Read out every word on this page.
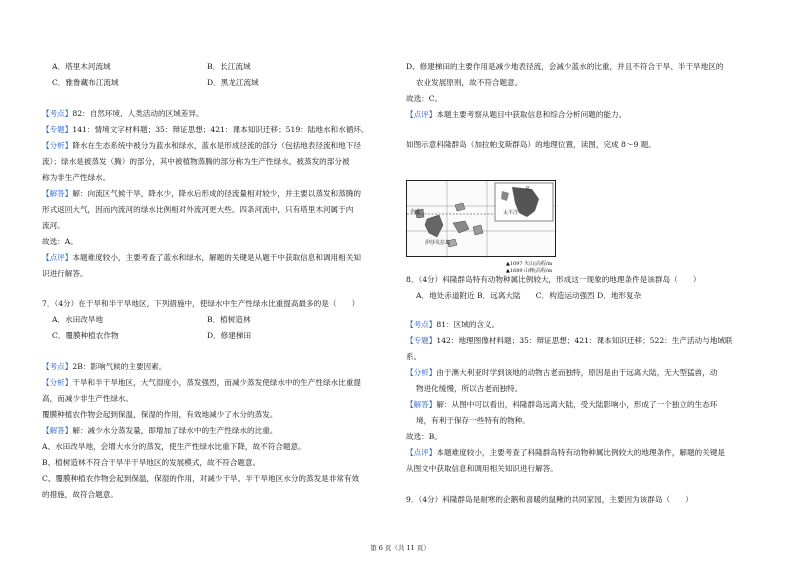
A．塔里木河流域	B．长江流域
C．雅鲁藏布江流域	D．黑龙江流域
【考点】82：自然环境、人类活动的区域差异。
【专题】141：情境文字材料题；35：辩证思想；421：课本知识迁移；519：陆地水和水循环。
【分析】降水在生态系统中被分为蓝水和绿水，蓝水是形成径流的部分（包括地表径流和地下径
流）；绿水是被蒸发（腾）的部分，其中被植物蒸腾的部分称为生产性绿水，被蒸发的部分被
称为非生产性绿水。
【解答】解：向流区气候干旱，降水少，降水后形成的径流量相对较少，并主要以蒸发和蒸腾的
形式返回大气，因而内流河的绿水比例相对外流河更大些。四条河流中，只有塔里木河属于内
流河。
故选：A。
【点评】本题难度较小，主要考查了蓝水和绿水，解题的关键是从题干中获取信息和调用相关知
识进行解答。
7．（4分）在干旱和半干旱地区，下列措施中，使绿水中生产性绿水比重提高最多的是（　　）
A．水田改旱地	B．植树造林
C．覆膜种植农作物	D．修建梯田
【考点】2B：影响气候的主要因素。
【分析】干旱和半干旱地区，大气湿度小，蒸发强烈，而减少蒸发使绿水中的生产性绿水比重提
高，而减少非生产性绿水。
覆膜种植农作物会起到保温，保湿的作用，有效地减少了水分的蒸发。
【解答】解：减少水分蒸发量，即增加了绿水中的生产性绿水的比重。
A、水田改旱地，会增大水分的蒸发，使生产性绿水比重下降，故不符合题意。
B、植树造林不符合干旱半干旱地区的发展模式，故不符合题意。
C、覆膜种植农作物会起到保温，保湿的作用，对减少干旱、半干旱地区水分的蒸发是非常有效
的措施，故符合题意。
D、修建梯田的主要作用是减少地表径流，会减少蓝水的比重，并且不符合干旱、半干旱地区的
农业发展原则，故不符合题意。
故选：C。
【点评】本题主要考察从题目中获取信息和综合分析问题的能力。
如图示意科隆群岛（加拉帕戈斯群岛）的地理位置，读图，完成 8～9 题。
赤道
伊莎贝拉岛
北
太平洋
▲1097 火山|高程/m
▲1689 山峰|高程/m
8．（4分）科隆群岛特有动物种属比例较大，形成这一现象的地理条件是该群岛（　　）
A．地处赤道附近 B．远离大陆　　C．构造运动强烈 D．地形复杂
【考点】81：区域的含义。
【专题】142：地理图像材料题；35：辩证思想；421：课本知识迁移；522：生产活动与地域联
系。
【分析】由于澳大利亚时学到该地的动物古老而独特，原因是由于远离大陆，无大型猛兽，动
物进化缓慢，所以古老而独特。
【解答】解：从图中可以看出，科隆群岛远离大陆，受大陆影响小，形成了一个独立的生态环
境，有利于保存一些特有的物种。
故选：B。
【点评】本题难度较小，主要考查了科隆群岛特有动物种属比例较大的地理条件，解题的关键是
从图文中获取信息和调用相关知识进行解答。
9．（4分）科隆群岛是耐寒的企鹅和喜暖的鼠鳅的共同家园，主要因为该群岛（　　）
第 6 页（共 11 页）
